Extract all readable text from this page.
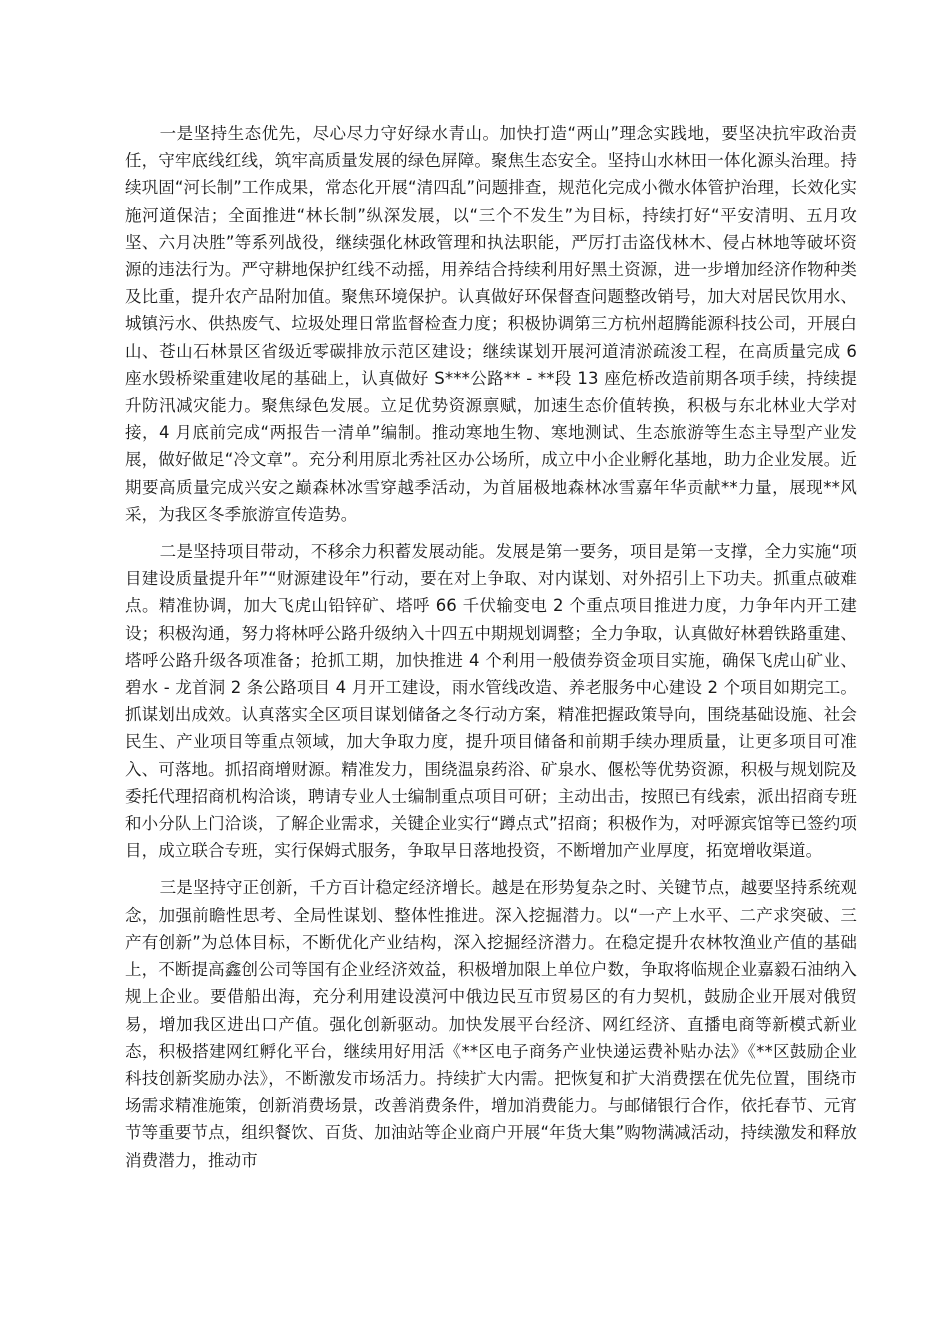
一是坚持生态优先，尽心尽力守好绿水青山。加快打造“两山”理念实践地，要坚决抗牢政治责任，守牢底线红线，筑牢高质量发展的绿色屏障。聚焦生态安全。坚持山水林田一体化源头治理。持续巩固“河长制”工作成果，常态化开展“清四乱”问题排查，规范化完成小微水体管护治理，长效化实施河道保洁；全面推进“林长制”纵深发展，以“三个不发生”为目标，持续打好“平安清明、五月攻坚、六月决胜”等系列战役，继续强化林政管理和执法职能，严厉打击盗伐林木、侵占林地等破坏资源的违法行为。严守耕地保护红线不动摇，用养结合持续利用好黑土资源，进一步增加经济作物种类及比重，提升农产品附加值。聚焦环境保护。认真做好环保督查问题整改销号，加大对居民饮用水、城镇污水、供热废气、垃圾处理日常监督检查力度；积极协调第三方杭州超腾能源科技公司，开展白山、苍山石林景区省级近零碳排放示范区建设；继续谋划开展河道清淤疏浚工程，在高质量完成 6 座水毁桥梁重建收尾的基础上，认真做好 S***公路** - **段 13 座危桥改造前期各项手续，持续提升防汛减灾能力。聚焦绿色发展。立足优势资源禀赋，加速生态价值转换，积极与东北林业大学对接，4 月底前完成“两报告一清单”编制。推动寒地生物、寒地测试、生态旅游等生态主导型产业发展，做好做足“冷文章”。充分利用原北秀社区办公场所，成立中小企业孵化基地，助力企业发展。近期要高质量完成兴安之巅森林冰雪穿越季活动，为首届极地森林冰雪嘉年华贡献**力量，展现**风采，为我区冬季旅游宣传造势。

二是坚持项目带动，不移余力积蓄发展动能。发展是第一要务，项目是第一支撑，全力实施“项目建设质量提升年”“财源建设年”行动，要在对上争取、对内谋划、对外招引上下功夫。抓重点破难点。精准协调，加大飞虎山铅锌矿、塔呼 66 千伏输变电 2 个重点项目推进力度，力争年内开工建设；积极沟通，努力将林呼公路升级纳入十四五中期规划调整；全力争取，认真做好林碧铁路重建、塔呼公路升级各项准备；抢抓工期，加快推进 4 个利用一般债券资金项目实施，确保飞虎山矿业、碧水 - 龙首洞 2 条公路项目 4 月开工建设，雨水管线改造、养老服务中心建设 2 个项目如期完工。抓谋划出成效。认真落实全区项目谋划储备之冬行动方案，精准把握政策导向，围绕基础设施、社会民生、产业项目等重点领域，加大争取力度，提升项目储备和前期手续办理质量，让更多项目可准入、可落地。抓招商增财源。精准发力，围绕温泉药浴、矿泉水、偃松等优势资源，积极与规划院及委托代理招商机构洽谈，聘请专业人士编制重点项目可研；主动出击，按照已有线索，派出招商专班和小分队上门洽谈，了解企业需求，关键企业实行“蹲点式”招商；积极作为，对呼源宾馆等已签约项目，成立联合专班，实行保姆式服务，争取早日落地投资，不断增加产业厚度，拓宽增收渠道。

三是坚持守正创新，千方百计稳定经济增长。越是在形势复杂之时、关键节点，越要坚持系统观念，加强前瞻性思考、全局性谋划、整体性推进。深入挖掘潜力。以“一产上水平、二产求突破、三产有创新”为总体目标，不断优化产业结构，深入挖掘经济潜力。在稳定提升农林牧渔业产值的基础上，不断提高鑫创公司等国有企业经济效益，积极增加限上单位户数，争取将临规企业嘉毅石油纳入规上企业。要借船出海，充分利用建设漠河中俄边民互市贸易区的有力契机，鼓励企业开展对俄贸易，增加我区进出口产值。强化创新驱动。加快发展平台经济、网红经济、直播电商等新模式新业态，积极搭建网红孵化平台，继续用好用活《**区电子商务产业快递运费补贴办法》《**区鼓励企业科技创新奖励办法》，不断激发市场活力。持续扩大内需。把恢复和扩大消费摆在优先位置，围绕市场需求精准施策，创新消费场景，改善消费条件，增加消费能力。与邮储银行合作，依托春节、元宵节等重要节点，组织餐饮、百货、加油站等企业商户开展“年货大集”购物满减活动，持续激发和释放消费潜力，推动市
